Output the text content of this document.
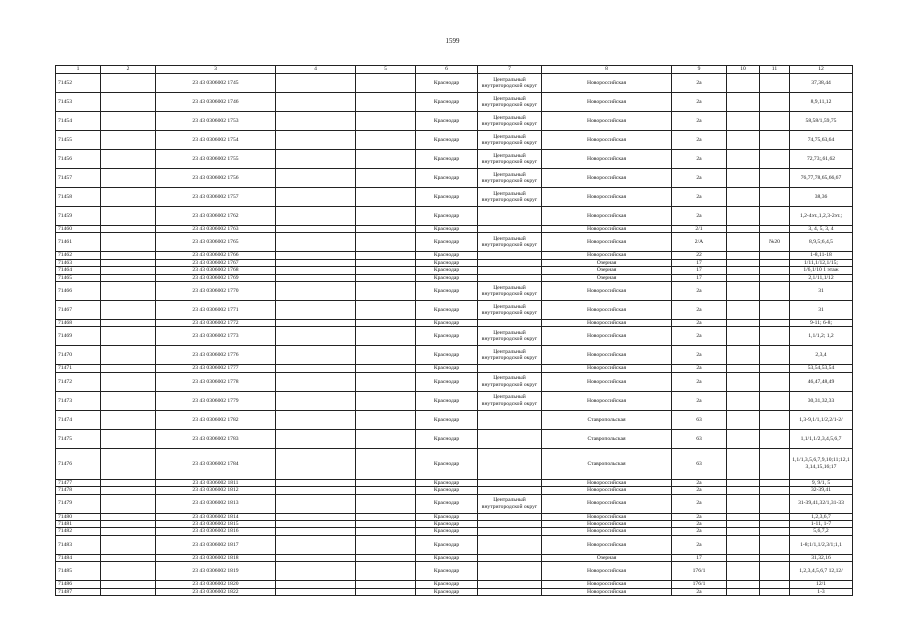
1599
1	2	3	4	5	6	7	8	9	10	11	12
71452		23 43 0306002 1745			Краснодар	Центральный внутригородской округ	Новороссийская	2а			37,38,44
71453		23 43 0306002 1746			Краснодар	Центральный внутригородской округ	Новороссийская	2а			8,9,11,12
71454		23 43 0306002 1753			Краснодар	Центральный внутригородской округ	Новороссийская	2а			58,58/1,59,75
71455		23 43 0306002 1754			Краснодар	Центральный внутригородской округ	Новороссийская	2а			74,75,63,64
71456		23 43 0306002 1755			Краснодар	Центральный внутригородской округ	Новороссийская	2а			72,73;,61,62
71457		23 43 0306002 1756			Краснодар	Центральный внутригородской округ	Новороссийская	2а			76,77,78,65,66,67
71458		23 43 0306002 1757			Краснодар	Центральный внутригородской округ	Новороссийская	2а			38,36
71459		23 43 0306002 1762			Краснодар		Новороссийская	2а			1,2-4эт.,1,2,3-2эт.;
71460		23 43 0306002 1763			Краснодар		Новороссийская	2/1			3, 4, 5, 3, 4
71461		23 43 0306002 1765			Краснодар	Центральный внутригородской округ	Новороссийская	2/А		№20	8,9,5;6,4,5
71462		23 43 0306002 1766			Краснодар		Новороссийская	22			1-8,11-18
71463		23 43 0306002 1767			Краснодар		Озерная	17			1/11,1/12,1/15;
71464		23 43 0306002 1768			Краснодар		Озерная	17			1/6,1/10 1 этаж
71465		23 43 0306002 1769			Краснодар		Озерная	17			2,1/11,1/12
71466		23 43 0306002 1770			Краснодар	Центральный внутригородской округ	Новороссийская	2а			31
71467		23 43 0306002 1771			Краснодар	Центральный внутригородской округ	Новороссийская	2а			31
71468		23 43 0306002 1772			Краснодар		Новороссийская	2а			9-11; 6-8;
71469		23 43 0306002 1773			Краснодар	Центральный внутригородской округ	Новороссийская	2а			1,1/1,2; 1,2
71470		23 43 0306002 1776			Краснодар	Центральный внутригородской округ	Новороссийская	2а			2,3,4
71471		23 43 0306002 1777			Краснодар		Новороссийская	2а			53,54,53,54
71472		23 43 0306002 1778			Краснодар	Центральный внутригородской округ	Новороссийская	2а			46,47,48,49
71473		23 43 0306002 1779			Краснодар	Центральный внутригородской округ	Новороссийская	2а			30,31,32,33
71474		23 43 0306002 1782			Краснодар		Ставропольская	63			1,3-9,1/1,1/2,2/1-2/
71475		23 43 0306002 1783			Краснодар		Ставропольская	63			1,1/1,1/2,3,4,5,6,7
71476		23 43 0306002 1784			Краснодар		Ставропольская	63			1,1/1,3,5,6,7,9,10;11;12,13,14,15,16;17
71477		23 43 0306002 1811			Краснодар		Новороссийская	2а			9, 9/1, 5
71478		23 43 0306002 1812			Краснодар		Новороссийская	2а			32-39,41
71479		23 43 0306002 1813			Краснодар	Центральный внутригородской округ	Новороссийская	2а			31-39,41,32/1,31-33
71480		23 43 0306002 1814			Краснодар		Новороссийская	2а			1,2,3,6,7
71481		23 43 0306002 1815			Краснодар		Новороссийская	2а			1-11, 1-7
71482		23 43 0306002 1816			Краснодар		Новороссийская	2а			5,6,7,2
71483		23 43 0306002 1817			Краснодар		Новороссийская	2а			1-8;1/1,1/2,3/1;1,1
71484		23 43 0306002 1818			Краснодар		Озерная	17			31,32,16
71485		23 43 0306002 1819			Краснодар		Новороссийская	176/1			1,2,3,4,5,6,7 12,12/
71486		23 43 0306002 1820			Краснодар		Новороссийская	176/1			12/1
71487		23 43 0306002 1822			Краснодар		Новороссийская	2а			1-3
